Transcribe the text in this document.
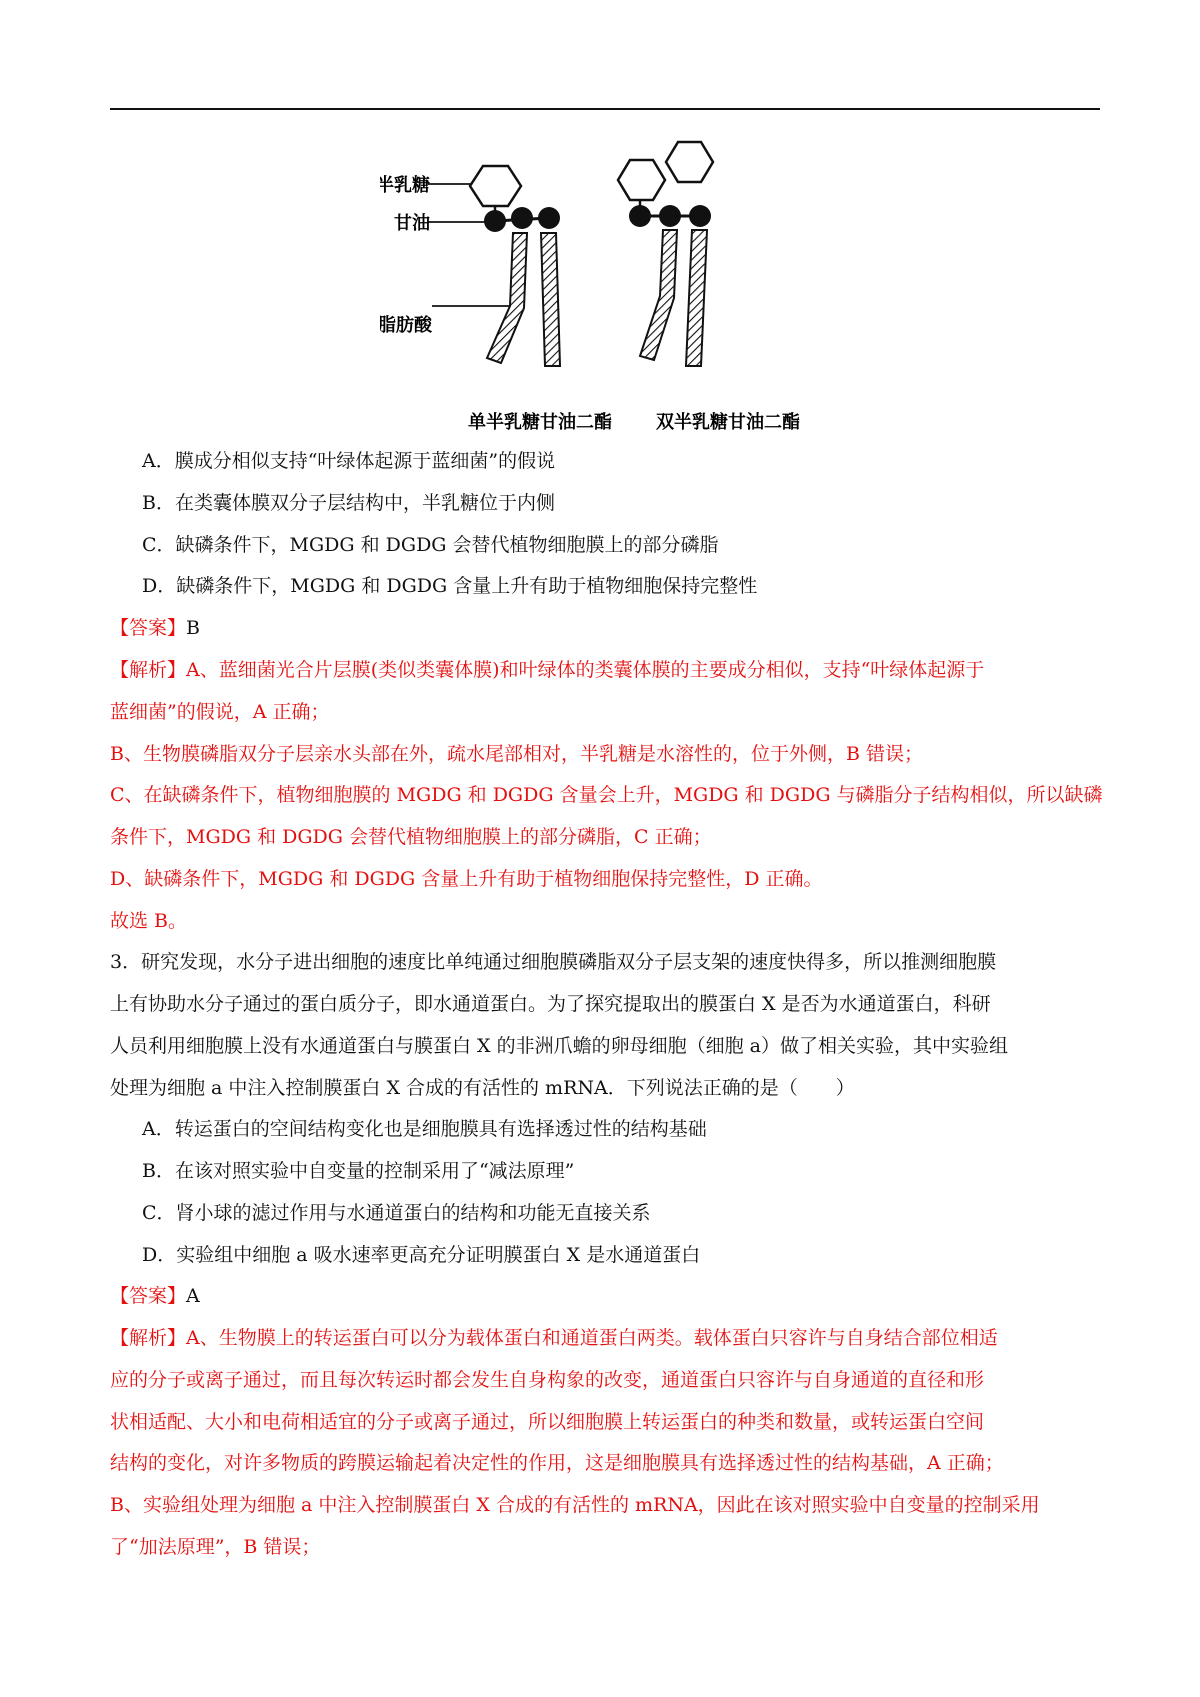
半乳糖
甘油
脂肪酸
单半乳糖甘油二酯 双半乳糖甘油二酯
A．膜成分相似支持“叶绿体起源于蓝细菌”的假说
B．在类囊体膜双分子层结构中，半乳糖位于内侧
C．缺磷条件下，MGDG 和 DGDG 会替代植物细胞膜上的部分磷脂
D．缺磷条件下，MGDG 和 DGDG 含量上升有助于植物细胞保持完整性
【答案】B
【解析】A、蓝细菌光合片层膜(类似类囊体膜)和叶绿体的类囊体膜的主要成分相似，支持“叶绿体起源于
蓝细菌”的假说，A 正确；
B、生物膜磷脂双分子层亲水头部在外，疏水尾部相对，半乳糖是水溶性的，位于外侧，B 错误；
C、在缺磷条件下，植物细胞膜的 MGDG 和 DGDG 含量会上升，MGDG 和 DGDG 与磷脂分子结构相似，所以缺磷
条件下，MGDG 和 DGDG 会替代植物细胞膜上的部分磷脂，C 正确；
D、缺磷条件下，MGDG 和 DGDG 含量上升有助于植物细胞保持完整性，D 正确。
故选 B。
3．研究发现，水分子进出细胞的速度比单纯通过细胞膜磷脂双分子层支架的速度快得多，所以推测细胞膜
上有协助水分子通过的蛋白质分子，即水通道蛋白。为了探究提取出的膜蛋白 X 是否为水通道蛋白，科研
人员利用细胞膜上没有水通道蛋白与膜蛋白 X 的非洲爪蟾的卵母细胞（细胞 a）做了相关实验，其中实验组
处理为细胞 a 中注入控制膜蛋白 X 合成的有活性的 mRNA．下列说法正确的是（　　）
A．转运蛋白的空间结构变化也是细胞膜具有选择透过性的结构基础
B．在该对照实验中自变量的控制采用了“减法原理”
C．肾小球的滤过作用与水通道蛋白的结构和功能无直接关系
D．实验组中细胞 a 吸水速率更高充分证明膜蛋白 X 是水通道蛋白
【答案】A
【解析】A、生物膜上的转运蛋白可以分为载体蛋白和通道蛋白两类。载体蛋白只容许与自身结合部位相适
应的分子或离子通过，而且每次转运时都会发生自身构象的改变，通道蛋白只容许与自身通道的直径和形
状相适配、大小和电荷相适宜的分子或离子通过，所以细胞膜上转运蛋白的种类和数量，或转运蛋白空间
结构的变化，对许多物质的跨膜运输起着决定性的作用，这是细胞膜具有选择透过性的结构基础，A 正确；
B、实验组处理为细胞 a 中注入控制膜蛋白 X 合成的有活性的 mRNA，因此在该对照实验中自变量的控制采用
了“加法原理”，B 错误；
